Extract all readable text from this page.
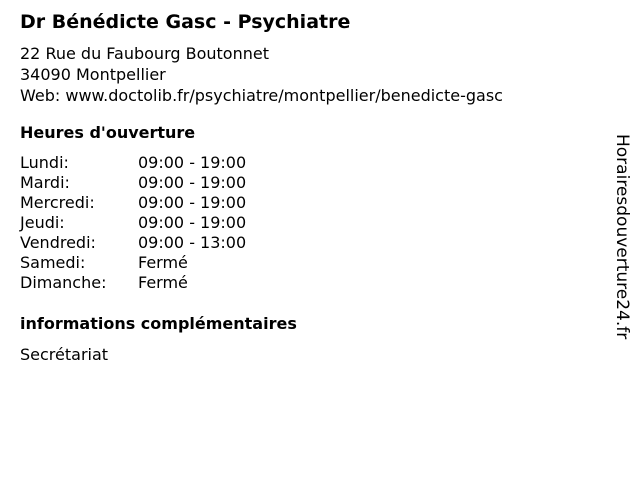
Dr Bénédicte Gasc - Psychiatre
22 Rue du Faubourg Boutonnet
34090 Montpellier
Web: www.doctolib.fr/psychiatre/montpellier/benedicte-gasc
Heures d'ouverture
Lundi:	09:00 - 19:00
Mardi:	09:00 - 19:00
Mercredi:	09:00 - 19:00
Jeudi:	09:00 - 19:00
Vendredi:	09:00 - 13:00
Samedi:	Fermé
Dimanche: Fermé
informations complémentaires
Secrétariat
Horairesdouverture24.fr
